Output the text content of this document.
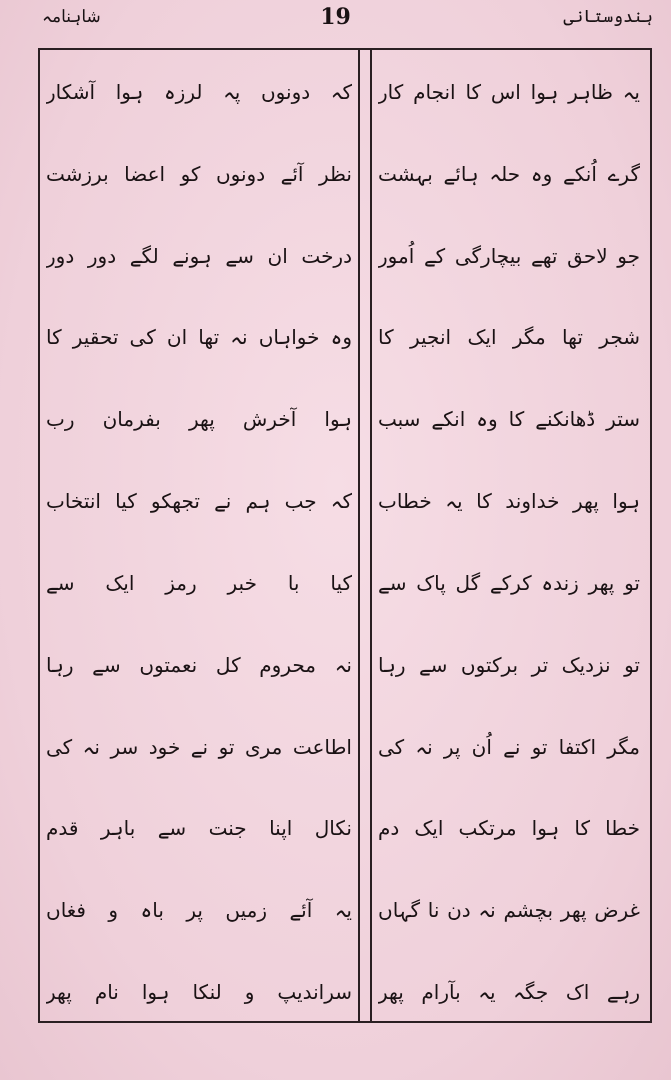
شاہنامہ	19	ہندوستانی
یہ ظاہر ہوا اس کا انجام کار
گرے اُنکے وہ حلہ ہائے بہشت
جو لاحق تھے بیچارگی کے اُمور
شجر تھا مگر ایک انجیر کا
ستر ڈھانکنے کا وہ انکے سبب
ہوا پھر خداوند کا یہ خطاب
تو پھر زندہ کرکے گل پاک سے
تو نزدیک تر برکتوں سے رہا
مگر اکتفا تو نے اُن پر نہ کی
خطا کا ہوا مرتکب ایک دم
غرض پھر بچشم نہ دن نا گہاں
رہے اک جگہ یہ بآرام پھر
کہ دونوں پہ لرزہ ہوا آشکار
نظر آئے دونوں کو اعضا برزشت
درخت ان سے ہونے لگے دور دور
وہ خواہاں نہ تھا ان کی تحقیر کا
ہوا آخرش پھر بفرمان رب
کہ جب ہم نے تجھکو کیا انتخاب
کیا با خبر رمز ایک سے
نہ محروم کل نعمتوں سے رہا
اطاعت مری تو نے خود سر نہ کی
نکال اپنا جنت سے باہر قدم
یہ آئے زمیں پر باہ و فغاں
سراندیپ و لنکا ہوا نام پھر
